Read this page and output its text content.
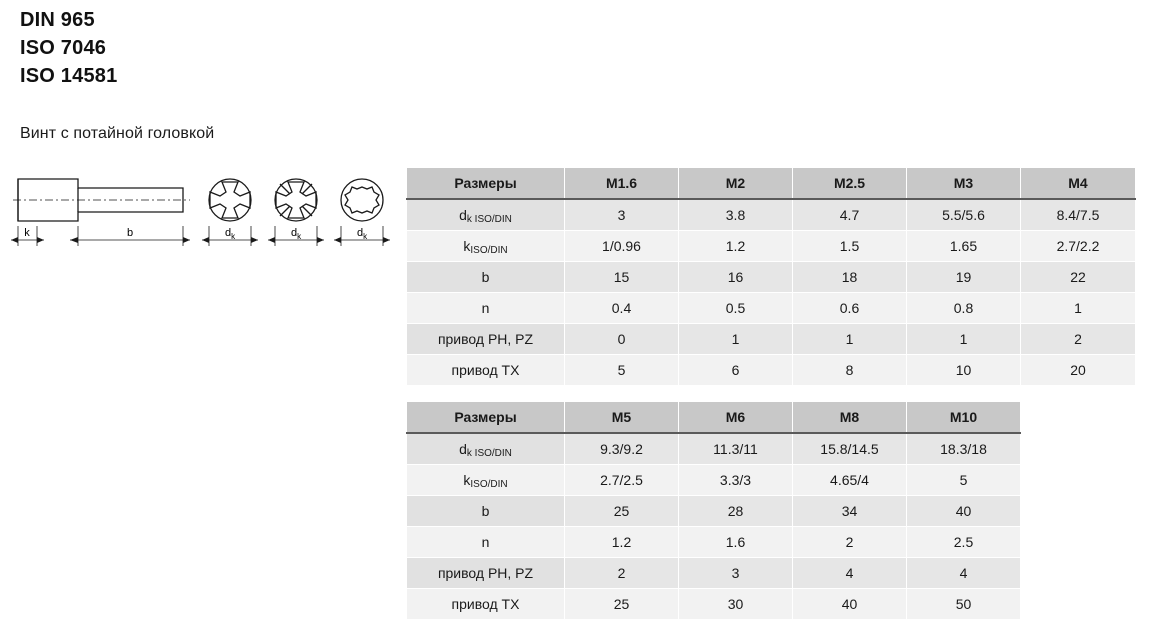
DIN 965
ISO 7046
ISO 14581
Винт с потайной головкой
k	b	$d_k$	$d_k$	$d_k$
Размеры	M1.6	M2	M2.5	M3	M4
dk ISO/DIN	3	3.8	4.7	5.5/5.6	8.4/7.5
kISO/DIN	1/0.96	1.2	1.5	1.65	2.7/2.2
b	15	16	18	19	22
n	0.4	0.5	0.6	0.8	1
привод PH, PZ	0	1	1	1	2
привод TX	5	6	8	10	20
Размеры	M5	M6	M8	M10
dk ISO/DIN	9.3/9.2	11.3/11	15.8/14.5	18.3/18
kISO/DIN	2.7/2.5	3.3/3	4.65/4	5
b	25	28	34	40
n	1.2	1.6	2	2.5
привод PH, PZ	2	3	4	4
привод TX	25	30	40	50
